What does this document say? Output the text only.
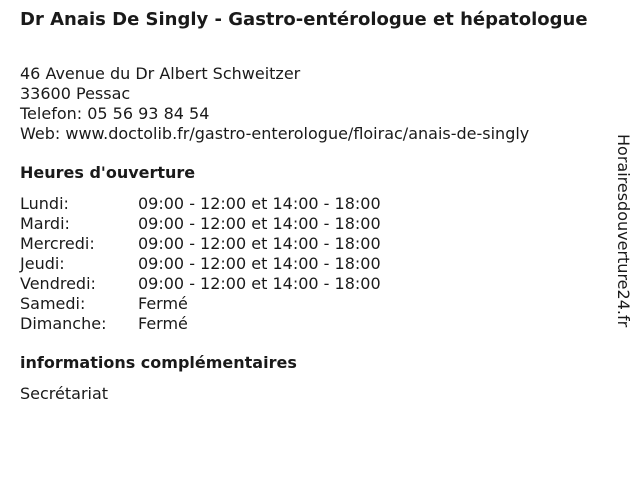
Dr Anais De Singly - Gastro-entérologue et hépatologue
46 Avenue du Dr Albert Schweitzer
33600 Pessac
Telefon: 05 56 93 84 54
Web: www.doctolib.fr/gastro-enterologue/floirac/anais-de-singly
Heures d'ouverture
Lundi:	09:00 - 12:00 et 14:00 - 18:00
Mardi:	09:00 - 12:00 et 14:00 - 18:00
Mercredi:	09:00 - 12:00 et 14:00 - 18:00
Jeudi:	09:00 - 12:00 et 14:00 - 18:00
Vendredi:	09:00 - 12:00 et 14:00 - 18:00
Samedi:	Fermé
Dimanche: Fermé
informations complémentaires
Secrétariat
Horairesdouverture24.fr
